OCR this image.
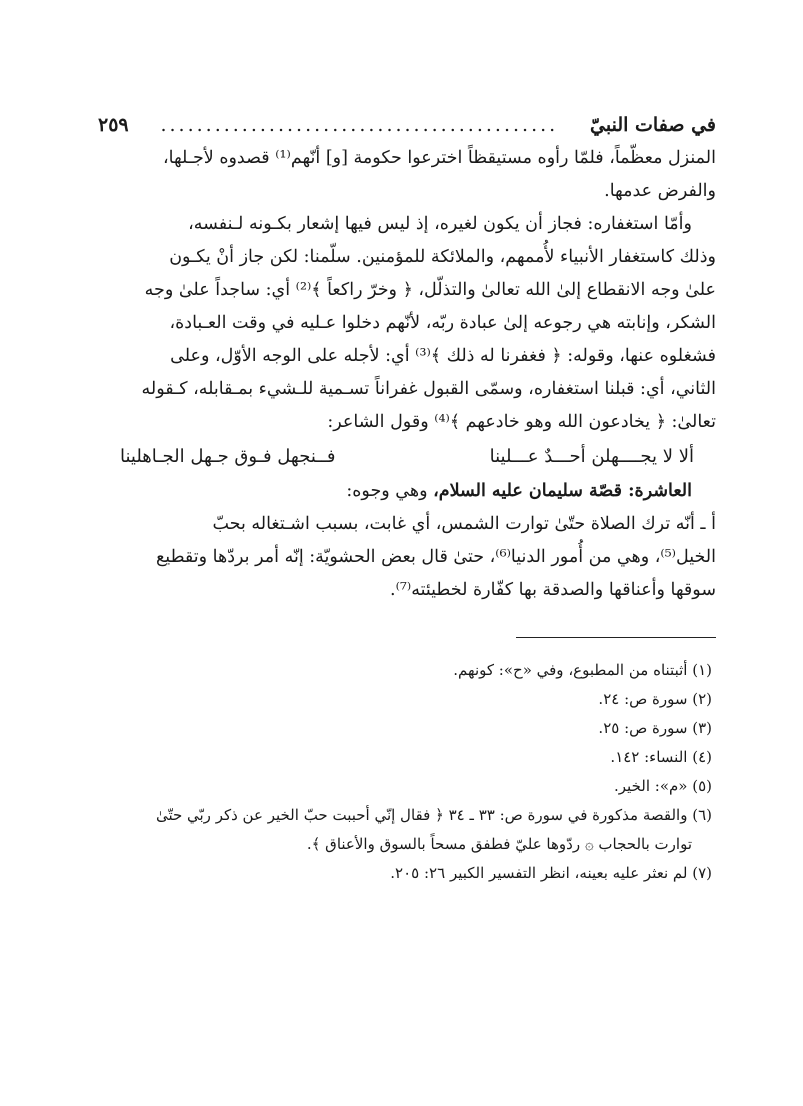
في صفات النبيّ
............................................
٢٥٩

المنزل معظّماً، فلمّا رأوه مستيقظاً اخترعوا حكومة [و] أنّهم⁽¹⁾ قصدوه لأجـلها،

والفرض عدمها.

وأمّا استغفاره: فجاز أن يكون لغيره، إذ ليس فيها إشعار بكـونه لـنفسه،

وذلك كاستغفار الأنبياء لأُممهم، والملائكة للمؤمنين. سلّمنا: لكن جاز أنْ يكـون

علىٰ وجه الانقطاع إلىٰ الله تعالىٰ والتذلّل، ﴿ وخرّ راكعاً ﴾⁽²⁾ أي: ساجداً علىٰ وجه

الشكر، وإنابته هي رجوعه إلىٰ عبادة ربّه، لأنّهم دخلوا عـليه في وقت العـبادة،

فشغلوه عنها، وقوله: ﴿ فغفرنا له ذلك ﴾⁽³⁾ أي: لأجله على الوجه الأوّل، وعلى

الثاني، أي: قبلنا استغفاره، وسمّى القبول غفراناً تسـمية للـشيء بمـقابله، كـقوله

تعالىٰ: ﴿ يخادعون الله وهو خادعهم ﴾⁽⁴⁾ وقول الشاعر:

ألا لا يجــــهلن أحـــدٌ عـــلينا
فــنجهل فـوق جـهل الجـاهلينا

العاشرة: قصّة سليمان عليه السلام، وهي وجوه:

أ ـ أنّه ترك الصلاة حتّىٰ توارت الشمس، أي غابت، بسبب اشـتغاله بحبّ

الخيل⁽⁵⁾، وهي من أُمور الدنيا⁽⁶⁾، حتىٰ قال بعض الحشويّة: إنّه أمر بردّها وتقطيع

سوقها وأعناقها والصدقة بها كفّارة لخطيئته⁽⁷⁾.

(١) أثبتناه من المطبوع، وفي «ح»: كونهم.
(٢) سورة ص: ٢٤.
(٣) سورة ص: ٢٥.
(٤) النساء: ١٤٢.
(٥) «م»: الخير.
(٦) والقصة مذكورة في سورة ص: ٣٣ ـ ٣٤ ﴿ فقال إنّي أحببت حبّ الخير عن ذكر ربّي حتّىٰ
توارت بالحجاب ۞ ردّوها عليّ فطفق مسحاً بالسوق والأعناق ﴾.
(٧) لم نعثر عليه بعينه، انظر التفسير الكبير ٢٦: ٢٠٥.
